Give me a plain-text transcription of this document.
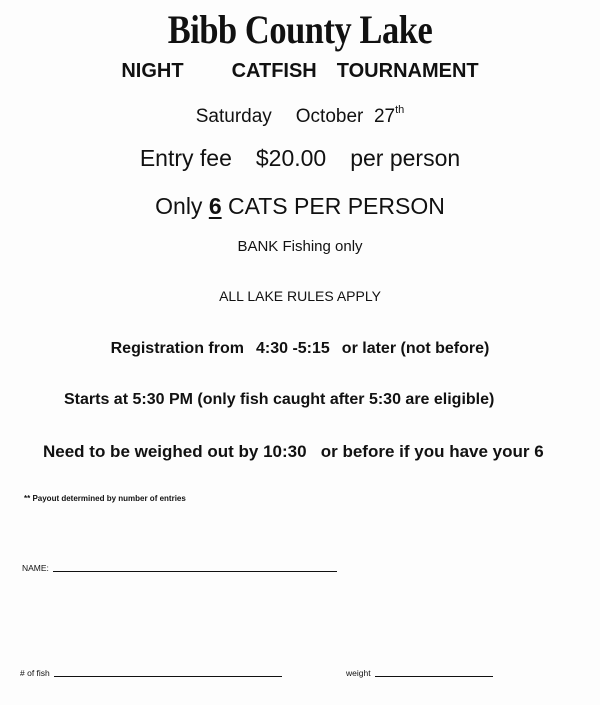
Bibb County Lake
NIGHT CATFISH TOURNAMENT
Saturday October 27th
Entry fee $20.00 per person
Only 6 CATS PER PERSON
BANK Fishing only
ALL LAKE RULES APPLY
Registration from 4:30 -5:15 or later (not before)
Starts at 5:30 PM (only fish caught after 5:30 are eligible)
Need to be weighed out by 10:30 or before if you have your 6
** Payout determined by number of entries
NAME:
# of fish	weight
